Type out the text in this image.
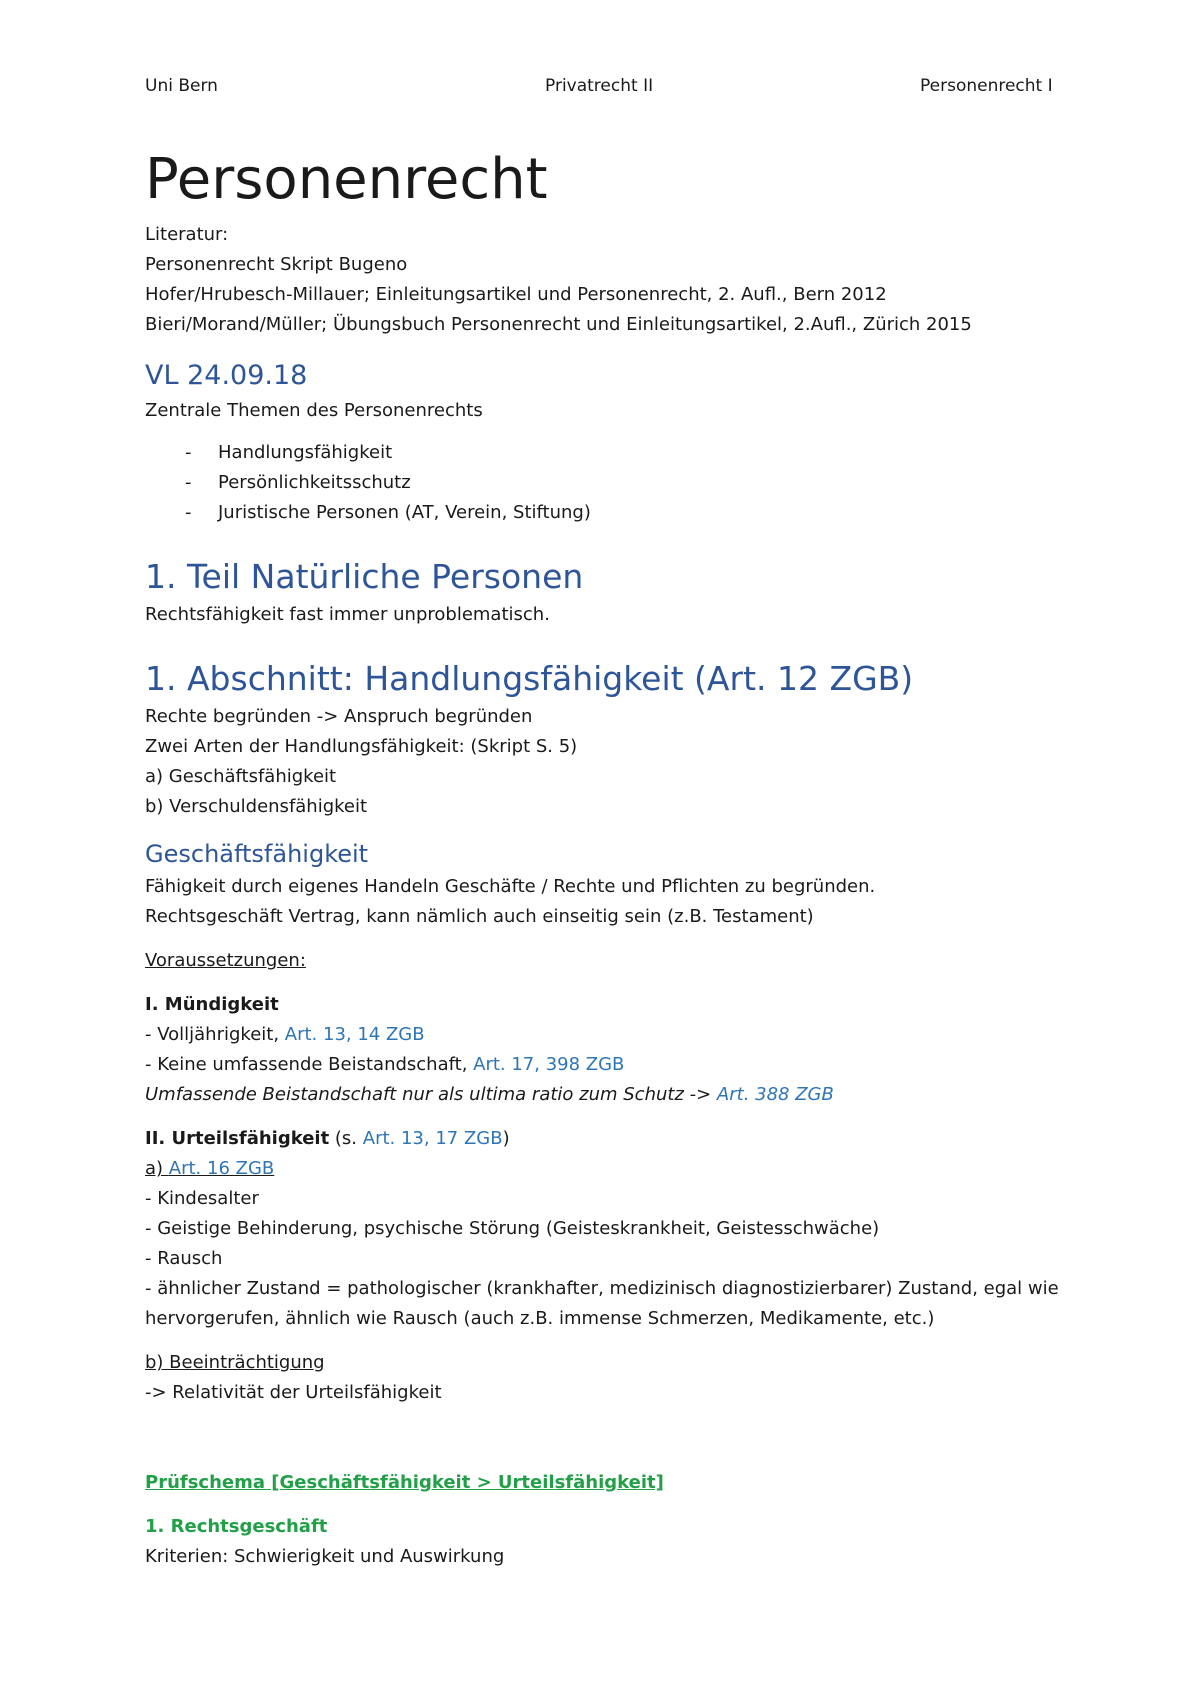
Uni Bern	Privatrecht II	Personenrecht I
Personenrecht

Literatur:

Personenrecht Skript Bugeno

Hofer/Hrubesch-Millauer; Einleitungsartikel und Personenrecht, 2. Aufl., Bern 2012

Bieri/Morand/Müller; Übungsbuch Personenrecht und Einleitungsartikel, 2.Aufl., Zürich 2015

VL 24.09.18

Zentrale Themen des Personenrechts

- Handlungsfähigkeit
- Persönlichkeitsschutz
- Juristische Personen (AT, Verein, Stiftung)
1. Teil Natürliche Personen

Rechtsfähigkeit fast immer unproblematisch.

1. Abschnitt: Handlungsfähigkeit (Art. 12 ZGB)

Rechte begründen -> Anspruch begründen

Zwei Arten der Handlungsfähigkeit: (Skript S. 5)

a) Geschäftsfähigkeit

b) Verschuldensfähigkeit

Geschäftsfähigkeit

Fähigkeit durch eigenes Handeln Geschäfte / Rechte und Pflichten zu begründen.

Rechtsgeschäft Vertrag, kann nämlich auch einseitig sein (z.B. Testament)

Voraussetzungen:

I. Mündigkeit

- Volljährigkeit, Art. 13, 14 ZGB

- Keine umfassende Beistandschaft, Art. 17, 398 ZGB

Umfassende Beistandschaft nur als ultima ratio zum Schutz -> Art. 388 ZGB

II. Urteilsfähigkeit (s. Art. 13, 17 ZGB)

a) Art. 16 ZGB

- Kindesalter

- Geistige Behinderung, psychische Störung (Geisteskrankheit, Geistesschwäche)

- Rausch

- ähnlicher Zustand = pathologischer (krankhafter, medizinisch diagnostizierbarer) Zustand, egal wie hervorgerufen, ähnlich wie Rausch (auch z.B. immense Schmerzen, Medikamente, etc.)

b) Beeinträchtigung

-> Relativität der Urteilsfähigkeit

Prüfschema [Geschäftsfähigkeit > Urteilsfähigkeit]

1. Rechtsgeschäft

Kriterien: Schwierigkeit und Auswirkung
